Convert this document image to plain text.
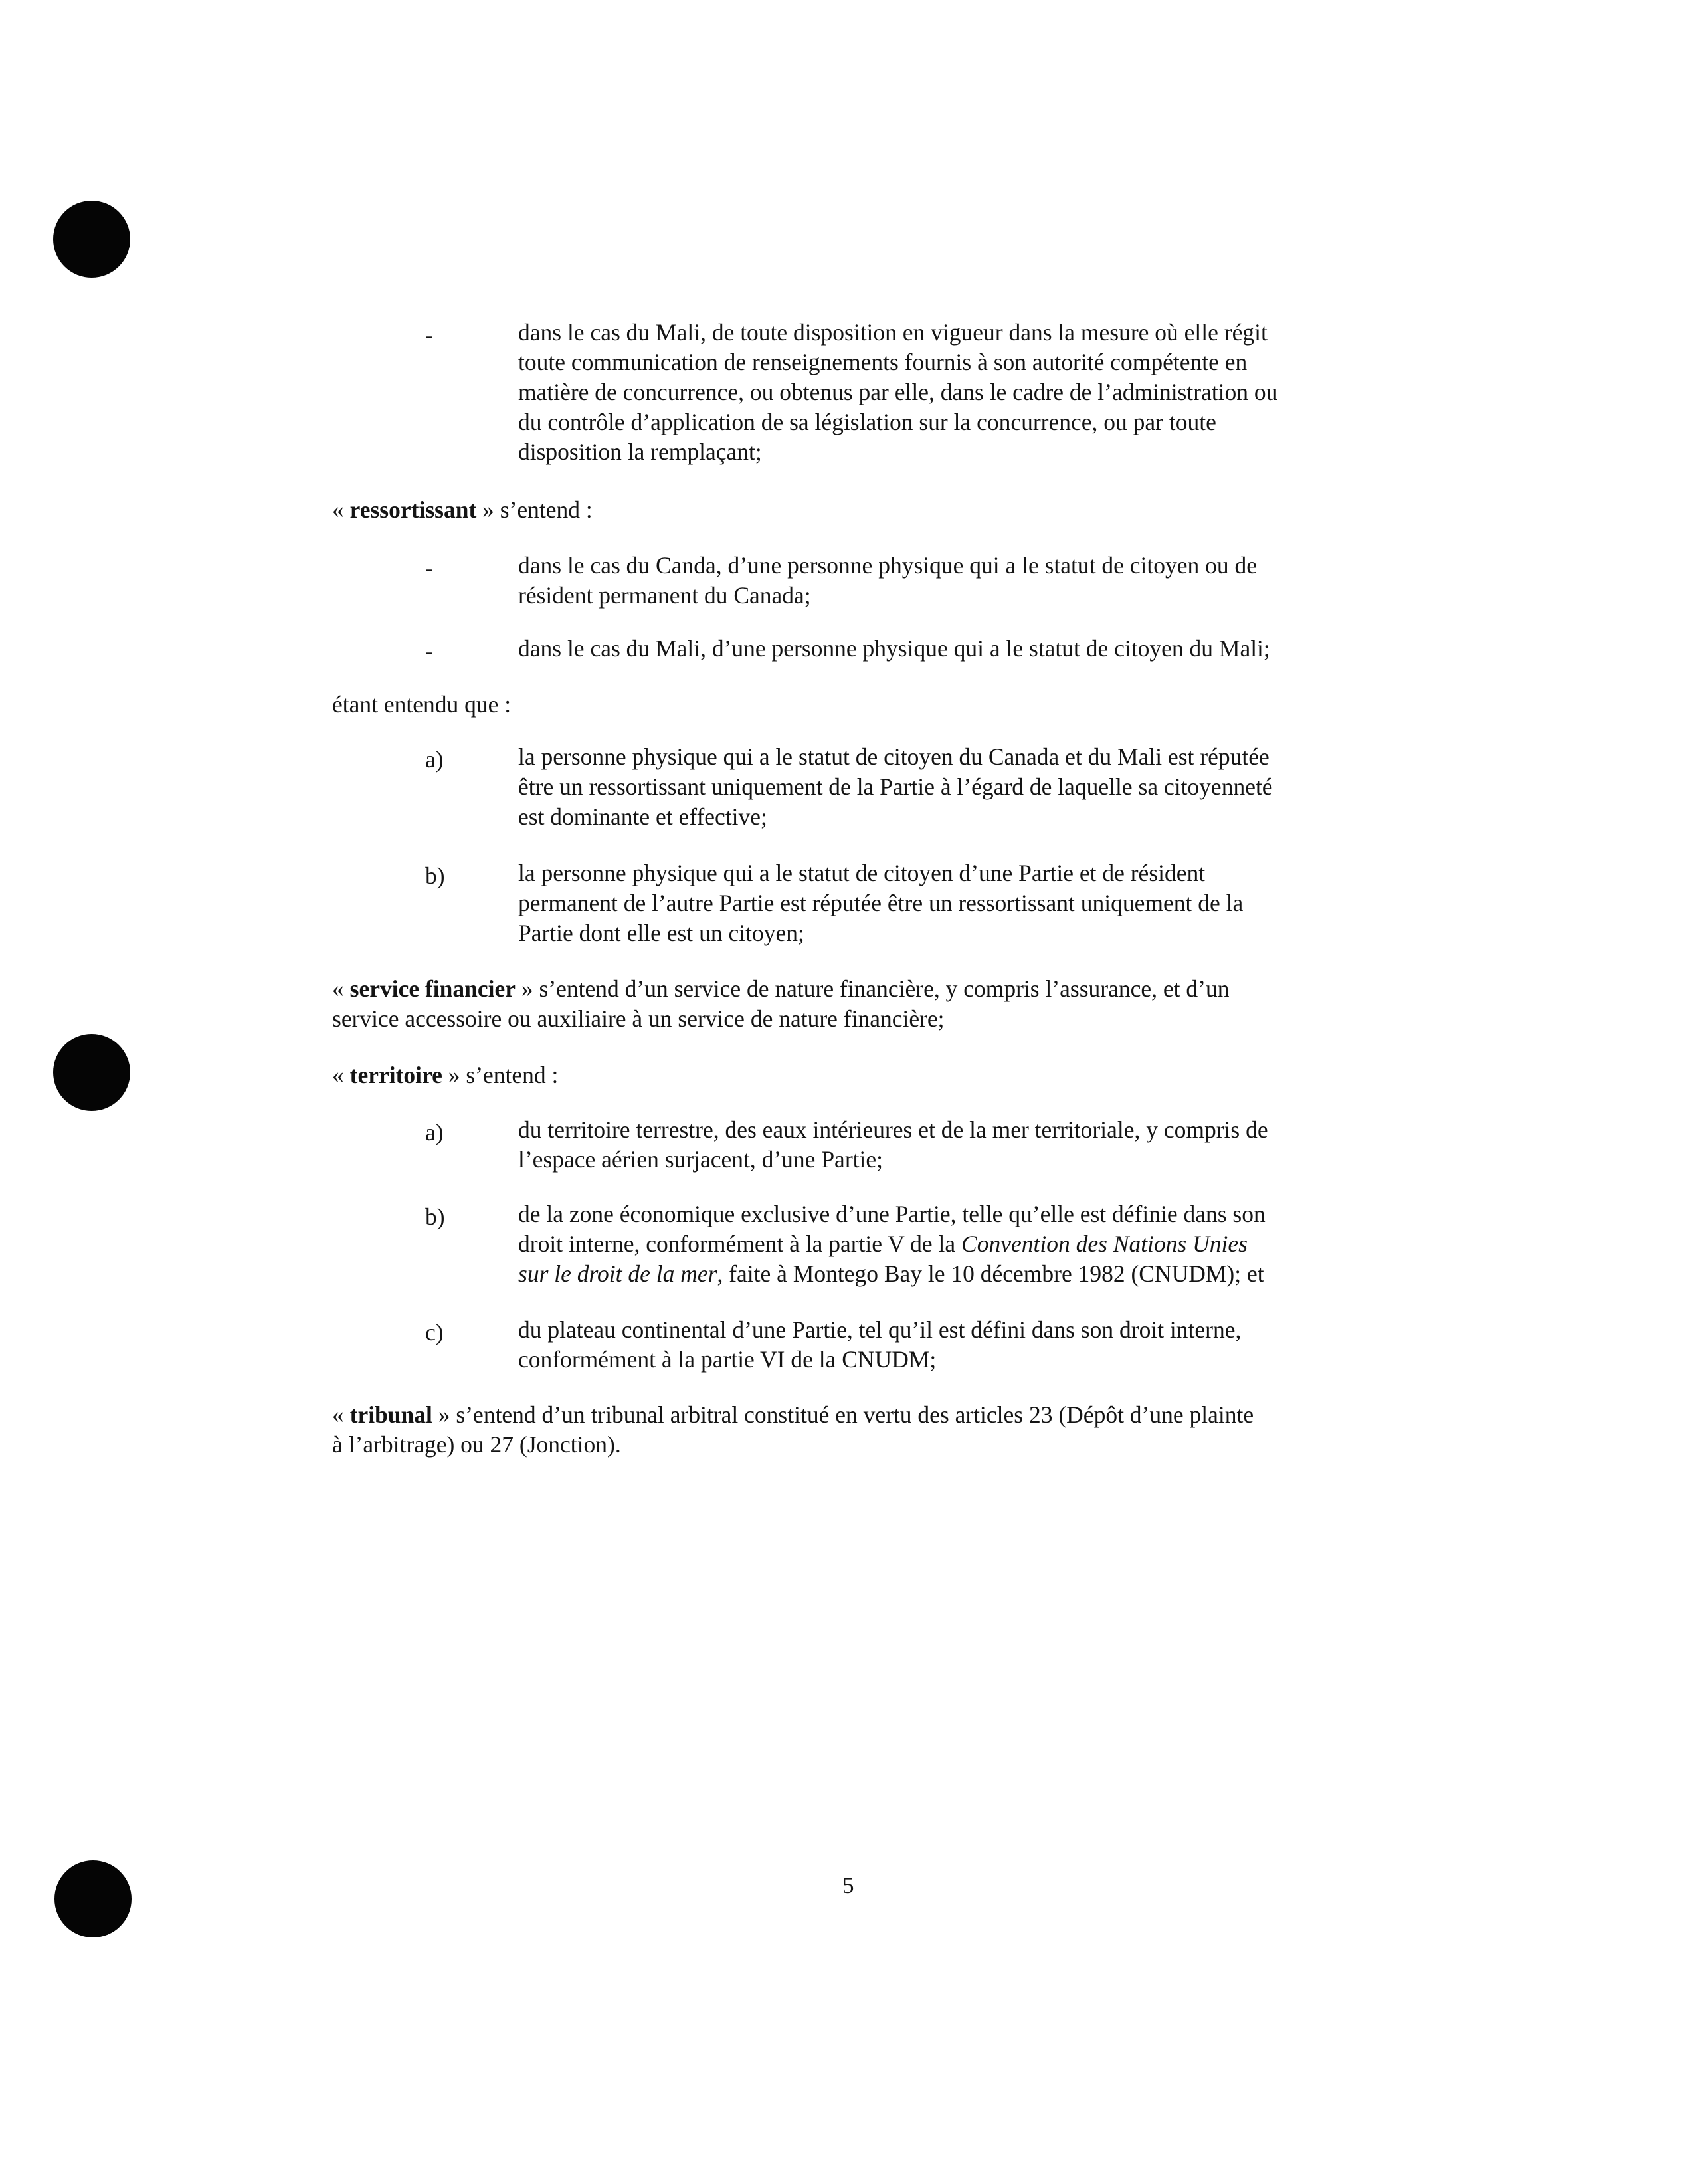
-	dans le cas du Mali, de toute disposition en vigueur dans la mesure où elle régit
toute communication de renseignements fournis à son autorité compétente en
matière de concurrence, ou obtenus par elle, dans le cadre de l’administration ou
du contrôle d’application de sa législation sur la concurrence, ou par toute
disposition la remplaçant;
« ressortissant » s’entend :
-	dans le cas du Canda, d’une personne physique qui a le statut de citoyen ou de
résident permanent du Canada;
-	dans le cas du Mali, d’une personne physique qui a le statut de citoyen du Mali;
étant entendu que :
a)	la personne physique qui a le statut de citoyen du Canada et du Mali est réputée
être un ressortissant uniquement de la Partie à l’égard de laquelle sa citoyenneté
est dominante et effective;
b)	la personne physique qui a le statut de citoyen d’une Partie et de résident
permanent de l’autre Partie est réputée être un ressortissant uniquement de la
Partie dont elle est un citoyen;
« service financier » s’entend d’un service de nature financière, y compris l’assurance, et d’un
service accessoire ou auxiliaire à un service de nature financière;
« territoire » s’entend :
a)	du territoire terrestre, des eaux intérieures et de la mer territoriale, y compris de
l’espace aérien surjacent, d’une Partie;
b)	de la zone économique exclusive d’une Partie, telle qu’elle est définie dans son
droit interne, conformément à la partie V de la Convention des Nations Unies
sur le droit de la mer, faite à Montego Bay le 10 décembre 1982 (CNUDM); et
c)	du plateau continental d’une Partie, tel qu’il est défini dans son droit interne,
conformément à la partie VI de la CNUDM;
« tribunal » s’entend d’un tribunal arbitral constitué en vertu des articles 23 (Dépôt d’une plainte
à l’arbitrage) ou 27 (Jonction).
5
